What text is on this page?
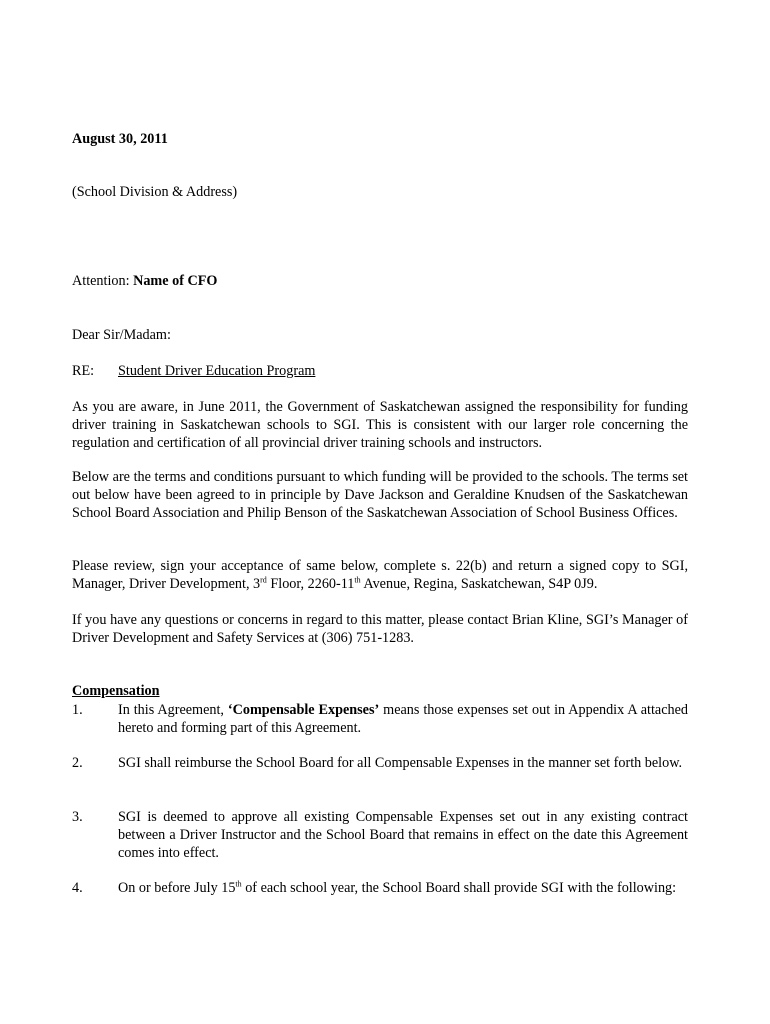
August 30, 2011

(School Division & Address)

Attention: Name of CFO

Dear Sir/Madam:

RE: Student Driver Education Program

As you are aware, in June 2011, the Government of Saskatchewan assigned the responsibility for funding driver training in Saskatchewan schools to SGI. This is consistent with our larger role concerning the regulation and certification of all provincial driver training schools and instructors.

Below are the terms and conditions pursuant to which funding will be provided to the schools. The terms set out below have been agreed to in principle by Dave Jackson and Geraldine Knudsen of the Saskatchewan School Board Association and Philip Benson of the Saskatchewan Association of School Business Offices.

Please review, sign your acceptance of same below, complete s. 22(b) and return a signed copy to SGI, Manager, Driver Development, 3rd Floor, 2260-11th Avenue, Regina, Saskatchewan, S4P 0J9.

If you have any questions or concerns in regard to this matter, please contact Brian Kline, SGI’s Manager of Driver Development and Safety Services at (306) 751-1283.

Compensation

1.	In this Agreement, ‘Compensable Expenses’ means those expenses set out in Appendix A attached hereto and forming part of this Agreement.

2.	SGI shall reimburse the School Board for all Compensable Expenses in the manner set forth below.

3.	SGI is deemed to approve all existing Compensable Expenses set out in any existing contract between a Driver Instructor and the School Board that remains in effect on the date this Agreement comes into effect.

4.	On or before July 15th of each school year, the School Board shall provide SGI with the following:
